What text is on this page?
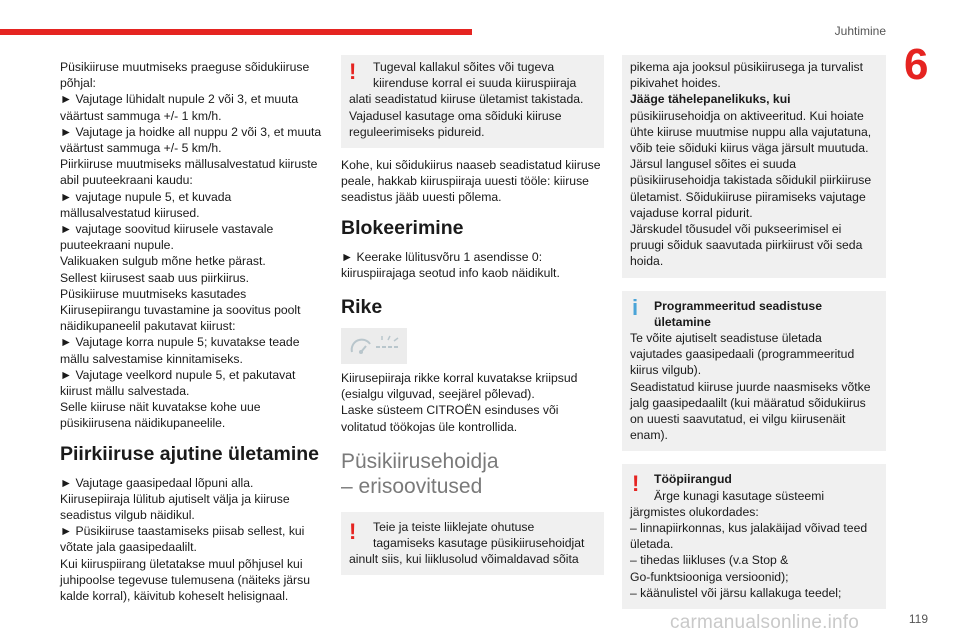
Juhtimine
6

Püsikiiruse muutmiseks praeguse sõidukiiruse

põhjal:

► Vajutage lühidalt nupule 2 või 3, et muuta

väärtust sammuga +/- 1 km/h.

► Vajutage ja hoidke all nuppu 2 või 3, et muuta

väärtust sammuga +/- 5 km/h.

Piirkiiruse muutmiseks mällusalvestatud kiiruste

abil puuteekraani kaudu:

► vajutage nupule 5, et kuvada

mällusalvestatud kiirused.

► vajutage soovitud kiirusele vastavale

puuteekraani nupule.

Valikuaken sulgub mõne hetke pärast.

Sellest kiirusest saab uus piirkiirus.

Püsikiiruse muutmiseks kasutades

Kiirusepiirangu tuvastamine ja soovitus poolt

näidikupaneelil pakutavat kiirust:

► Vajutage korra nupule 5; kuvatakse teade

mällu salvestamise kinnitamiseks.

► Vajutage veelkord nupule 5, et pakutavat

kiirust mällu salvestada.

Selle kiiruse näit kuvatakse kohe uue

püsikiirusena näidikupaneelile.

Piirkiiruse ajutine ületamine

► Vajutage gaasipedaal lõpuni alla.

Kiirusepiiraja lülitub ajutiselt välja ja kiiruse

seadistus vilgub näidikul.

► Püsikiiruse taastamiseks piisab sellest, kui

võtate jala gaasipedaalilt.

Kui kiiruspiirang ületatakse muul põhjusel kui

juhipoolse tegevuse tulemusena (näiteks järsu

kalde korral), käivitub koheselt helisignaal.

!	Tugeval kallakul sõites või tugeva

kiirenduse korral ei suuda kiiruspiiraja

alati seadistatud kiiruse ületamist takistada.

Vajadusel kasutage oma sõiduki kiiruse

reguleerimiseks pidureid.

Kohe, kui sõidukiirus naaseb seadistatud kiiruse

peale, hakkab kiiruspiiraja uuesti tööle: kiiruse

seadistus jääb uuesti põlema.

Blokeerimine

► Keerake lülitusvõru 1 asendisse 0:

kiiruspiirajaga seotud info kaob näidikult.

Rike

Kiirusepiiraja rikke korral kuvatakse kriipsud

(esialgu vilguvad, seejärel põlevad).

Laske süsteem CITROËN esinduses või

volitatud töökojas üle kontrollida.

Püsikiirusehoidja
– erisoovitused
!	Teie ja teiste liiklejate ohutuse

tagamiseks kasutage püsikiirusehoidjat

ainult siis, kui liiklusolud võimaldavad sõita

pikema aja jooksul püsikiirusega ja turvalist

pikivahet hoides.

Jääge tähelepanelikuks, kui

püsikiirusehoidja on aktiveeritud. Kui hoiate

ühte kiiruse muutmise nuppu alla vajutatuna,

võib teie sõiduki kiirus väga järsult muutuda.

Järsul langusel sõites ei suuda

püsikiirusehoidja takistada sõidukil piirkiiruse

ületamist. Sõidukiiruse piiramiseks vajutage

vajaduse korral pidurit.

Järskudel tõusudel või pukseerimisel ei

pruugi sõiduk saavutada piirkiirust või seda

hoida.

i	Programmeeritud seadistuse

ületamine

Te võite ajutiselt seadistuse ületada

vajutades gaasipedaali (programmeeritud

kiirus vilgub).

Seadistatud kiiruse juurde naasmiseks võtke

jalg gaasipedaalilt (kui määratud sõidukiirus

on uuesti saavutatud, ei vilgu kiirusenäit

enam).

!	Tööpiirangud

Ärge kunagi kasutage süsteemi

järgmistes olukordades:

– linnapiirkonnas, kus jalakäijad võivad teed

ületada.

– tihedas liikluses (v.a Stop &

Go-funktsiooniga versioonid);

– käänulistel või järsu kallakuga teedel;

carmanualsonline.info	119
